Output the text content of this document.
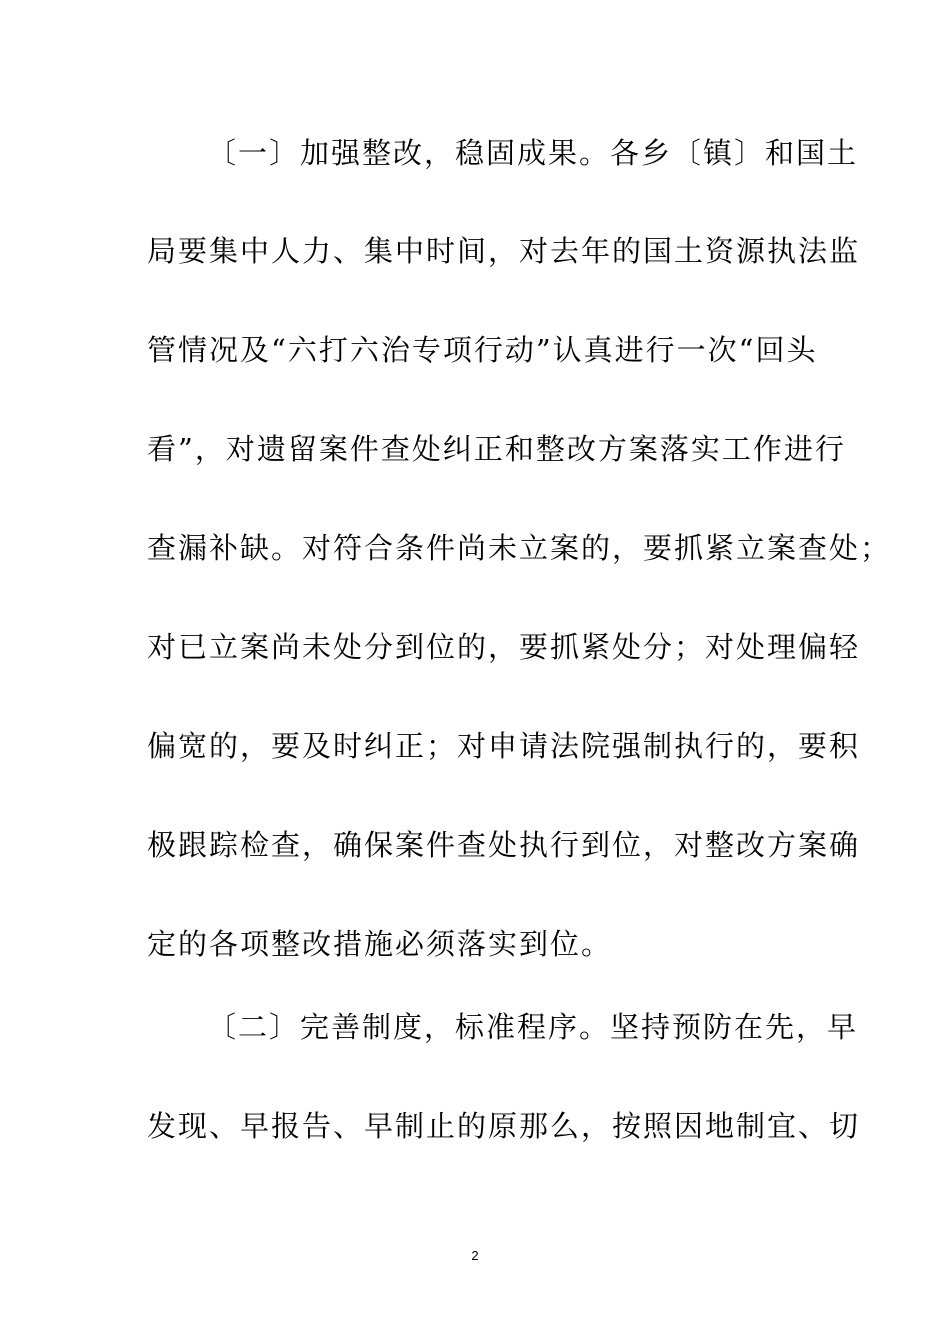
〔一〕加强整改，稳固成果。各乡〔镇〕和国土
局要集中人力、集中时间，对去年的国土资源执法监
管情况及“六打六治专项行动”认真进行一次“回头
看”，对遗留案件查处纠正和整改方案落实工作进行
查漏补缺。对符合条件尚未立案的，要抓紧立案查处；
对已立案尚未处分到位的，要抓紧处分；对处理偏轻
偏宽的，要及时纠正；对申请法院强制执行的，要积
极跟踪检查，确保案件查处执行到位，对整改方案确
定的各项整改措施必须落实到位。
〔二〕完善制度，标准程序。坚持预防在先，早
发现、早报告、早制止的原那么，按照因地制宜、切
2
